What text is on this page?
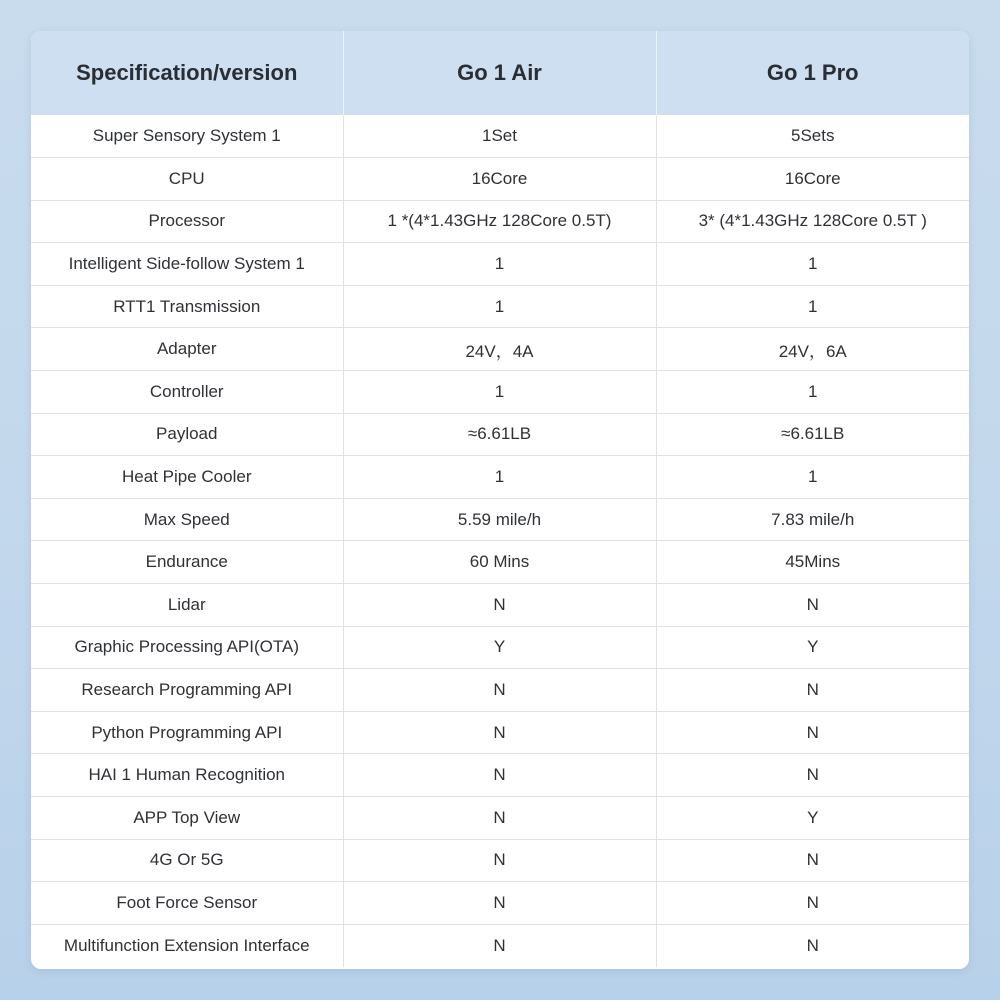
Specification/version	Go 1 Air	Go 1 Pro
Super Sensory System 1	1Set	5Sets
CPU	16Core	16Core
Processor	1 *(4*1.43GHz 128Core 0.5T)	3* (4*1.43GHz 128Core 0.5T )
Intelligent Side-follow System 1	1	1
RTT1 Transmission	1	1
Adapter	24V，4A	24V，6A
Controller	1	1
Payload	≈6.61LB	≈6.61LB
Heat Pipe Cooler	1	1
Max Speed	5.59 mile/h	7.83 mile/h
Endurance	60 Mins	45Mins
Lidar	N	N
Graphic Processing API(OTA)	Y	Y
Research Programming API	N	N
Python Programming API	N	N
HAI 1 Human Recognition	N	N
APP Top View	N	Y
4G Or 5G	N	N
Foot Force Sensor	N	N
Multifunction Extension Interface	N	N
